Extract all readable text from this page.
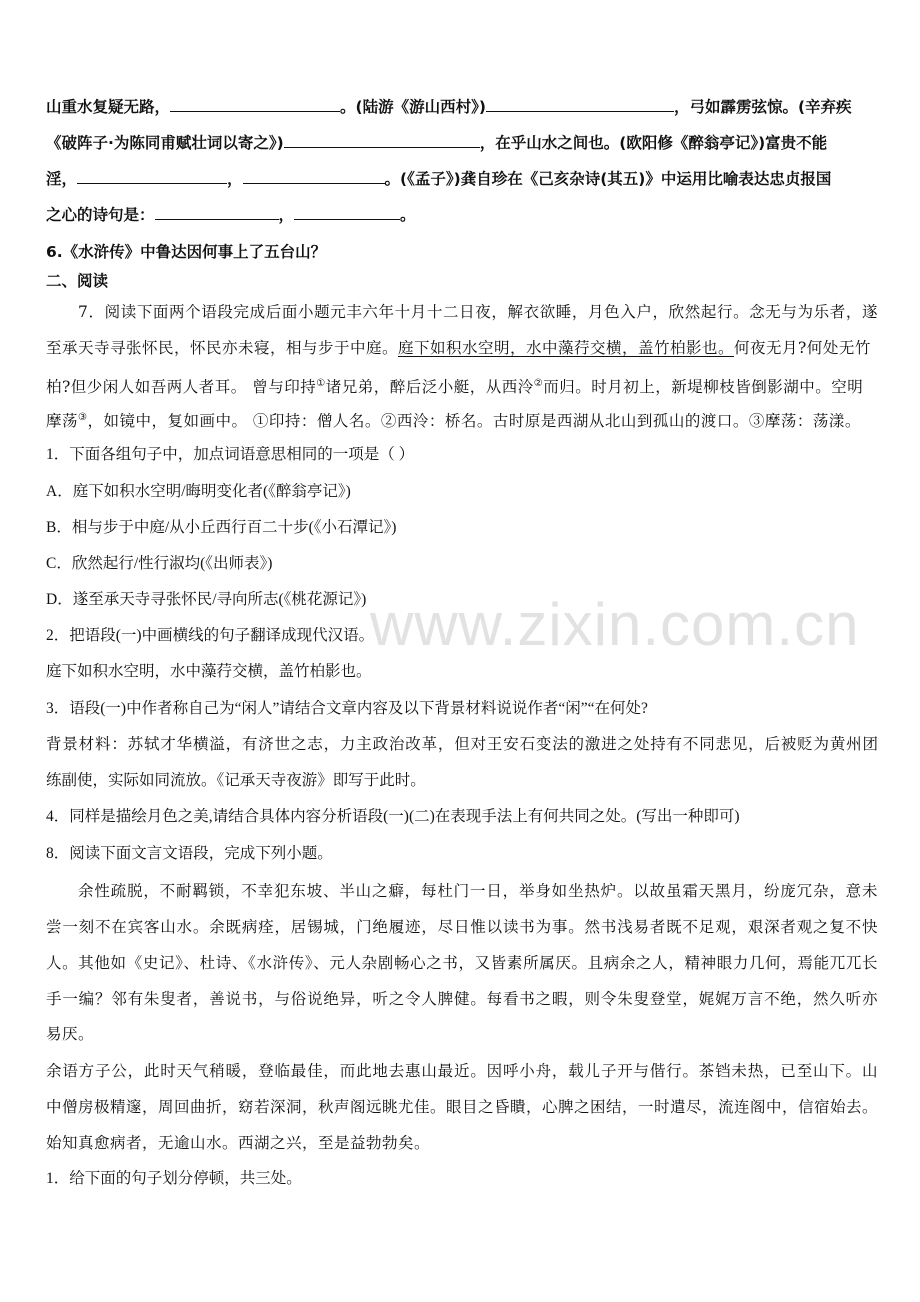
www.zixin.com.cn
山重水复疑无路，	。(陆游《游山西村》)	，弓如霹雳弦惊。(辛弃疾
《破阵子·为陈同甫赋壮词以寄之》)	，在乎山水之间也。(欧阳修《醉翁亭记》)富贵不能
淫，	，	。(《孟子》)龚自珍在《己亥杂诗(其五)》中运用比喻表达忠贞报国
之心的诗句是：	，	。
6.《水浒传》中鲁达因何事上了五台山？
二、阅读
7．阅读下面两个语段完成后面小题元丰六年十月十二日夜，解衣欲睡，月色入户，欣然起行。念无与为乐者，遂
至承天寺寻张怀民，怀民亦未寝，相与步于中庭。庭下如积水空明，水中藻荇交横，盖竹柏影也。何夜无月?何处无竹
柏?但少闲人如吾两人者耳。 曾与印持①诸兄弟，醉后泛小艇，从西泠②而归。时月初上，新堤柳枝皆倒影湖中。空明
摩荡③，如镜中，复如画中。 ①印持：僧人名。②西泠：桥名。古时原是西湖从北山到孤山的渡口。③摩荡：荡漾。
1．下面各组句子中，加点词语意思相同的一项是（ ）
A．庭下如积水空明/晦明变化者(《醉翁亭记》)
B．相与步于中庭/从小丘西行百二十步(《小石潭记》)
C．欣然起行/性行淑均(《出师表》)
D．遂至承天寺寻张怀民/寻向所志(《桃花源记》)
2．把语段(一)中画横线的句子翻译成现代汉语。
庭下如积水空明，水中藻荇交横，盖竹柏影也。
3．语段(一)中作者称自己为“闲人”请结合文章内容及以下背景材料说说作者“闲”“在何处?
背景材料：苏轼才华横溢，有济世之志，力主政治改革，但对王安石变法的激进之处持有不同悲见，后被贬为黄州团
练副使，实际如同流放。《记承天寺夜游》即写于此时。
4．同样是描绘月色之美,请结合具体内容分析语段(一)(二)在表现手法上有何共同之处。(写出一种即可)
8．阅读下面文言文语段，完成下列小题。
余性疏脱，不耐羁锁，不幸犯东坡、半山之癖，每杜门一日，举身如坐热炉。以故虽霜天黑月，纷庞冗杂，意未
尝一刻不在宾客山水。余既病痊，居锡城，门绝履迹，尽日惟以读书为事。然书浅易者既不足观，艰深者观之复不快
人。其他如《史记》、杜诗、《水浒传》、元人杂剧畅心之书，又皆素所属厌。且病余之人，精神眼力几何，焉能兀兀长
手一编？邻有朱叟者，善说书，与俗说绝异，听之令人脾健。每看书之暇，则令朱叟登堂，娓娓万言不绝，然久听亦
易厌。
余语方子公，此时天气稍暖，登临最佳，而此地去惠山最近。因呼小舟，载儿子开与偕行。茶铛未热，已至山下。山
中僧房极精邃，周回曲折，窈若深洞，秋声阁远眺尤佳。眼目之昏瞶，心脾之困结，一时遣尽，流连阁中，信宿始去。
始知真愈病者，无逾山水。西湖之兴，至是益勃勃矣。
1．给下面的句子划分停顿，共三处。
